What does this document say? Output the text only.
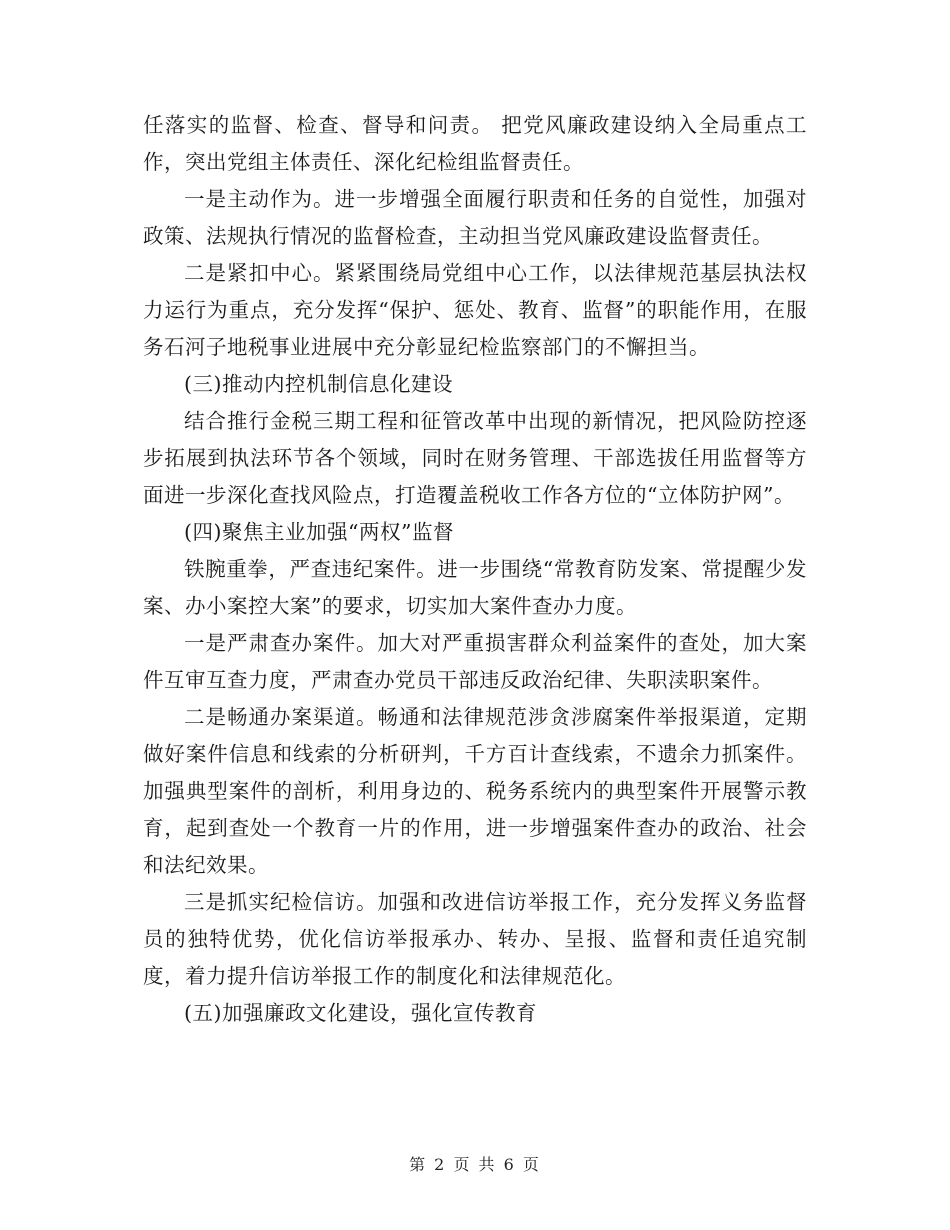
任落实的监督、检查、督导和问责。 把党风廉政建设纳入全局重点工作，突出党组主体责任、深化纪检组监督责任。

一是主动作为。进一步增强全面履行职责和任务的自觉性，加强对政策、法规执行情况的监督检查，主动担当党风廉政建设监督责任。

二是紧扣中心。紧紧围绕局党组中心工作，以法律规范基层执法权力运行为重点，充分发挥“保护、惩处、教育、监督”的职能作用，在服务石河子地税事业进展中充分彰显纪检监察部门的不懈担当。

(三)推动内控机制信息化建设

结合推行金税三期工程和征管改革中出现的新情况，把风险防控逐步拓展到执法环节各个领域，同时在财务管理、干部选拔任用监督等方面进一步深化查找风险点，打造覆盖税收工作各方位的“立体防护网”。

(四)聚焦主业加强“两权”监督

铁腕重拳，严查违纪案件。进一步围绕“常教育防发案、常提醒少发案、办小案控大案”的要求，切实加大案件查办力度。

一是严肃查办案件。加大对严重损害群众利益案件的查处，加大案件互审互查力度，严肃查办党员干部违反政治纪律、失职渎职案件。

二是畅通办案渠道。畅通和法律规范涉贪涉腐案件举报渠道，定期做好案件信息和线索的分析研判，千方百计查线索，不遗余力抓案件。加强典型案件的剖析，利用身边的、税务系统内的典型案件开展警示教育，起到查处一个教育一片的作用，进一步增强案件查办的政治、社会和法纪效果。

三是抓实纪检信访。加强和改进信访举报工作，充分发挥义务监督员的独特优势，优化信访举报承办、转办、呈报、监督和责任追究制度，着力提升信访举报工作的制度化和法律规范化。

(五)加强廉政文化建设，强化宣传教育

第 2 页 共 6 页
